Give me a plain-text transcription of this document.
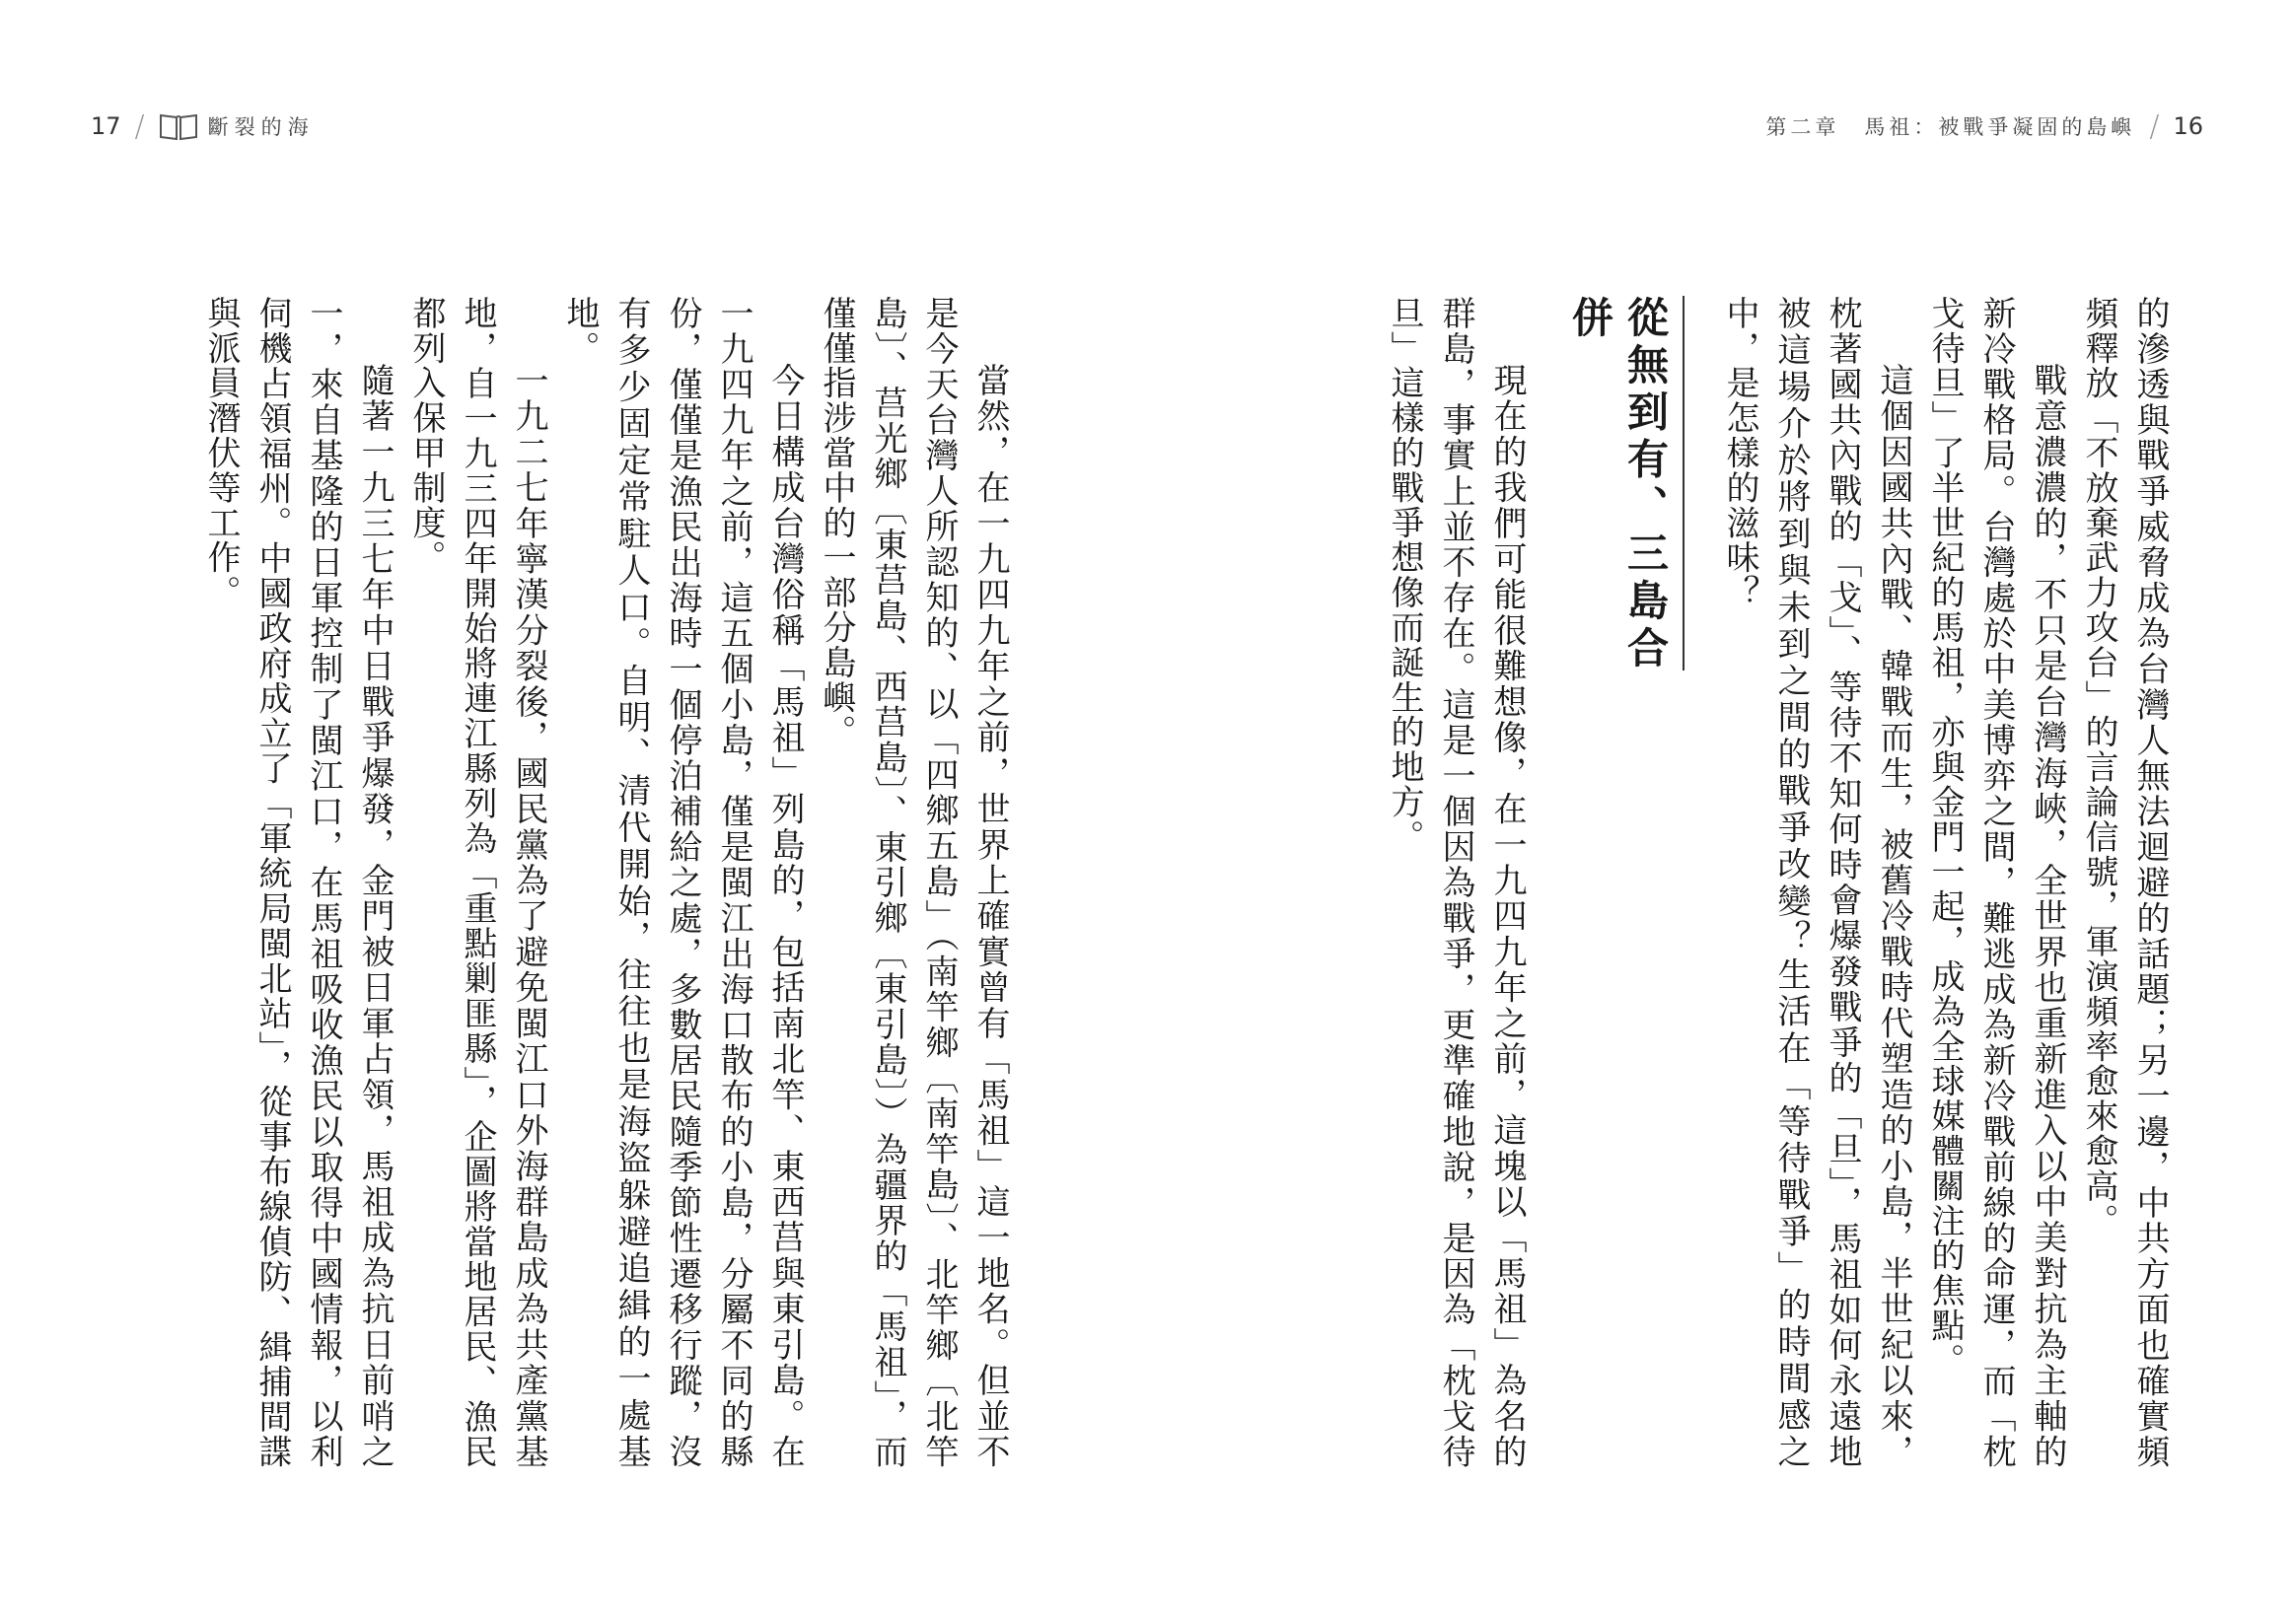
17 /	斷裂的海	第二章　馬祖：被戰爭凝固的島嶼 / 16

的滲透與戰爭威脅成為台灣人無法迴避的話題；另一邊，中共方面也確實頻頻釋放「不放棄武力攻台」的言論信號，軍演頻率愈來愈高。

戰意濃濃的，不只是台灣海峽，全世界也重新進入以中美對抗為主軸的新冷戰格局。台灣處於中美博弈之間，難逃成為新冷戰前線的命運，而「枕戈待旦」了半世紀的馬祖，亦與金門一起，成為全球媒體關注的焦點。

這個因國共內戰、韓戰而生，被舊冷戰時代塑造的小島，半世紀以來，枕著國共內戰的「戈」、等待不知何時會爆發戰爭的「旦」，馬祖如何永遠地被這場介於將到與未到之間的戰爭改變？生活在「等待戰爭」的時間感之中，是怎樣的滋味？

從無到有、三島合併

現在的我們可能很難想像，在一九四九年之前，這塊以「馬祖」為名的群島，事實上並不存在。這是一個因為戰爭，更準確地說，是因為「枕戈待旦」這樣的戰爭想像而誕生的地方。

當然，在一九四九年之前，世界上確實曾有「馬祖」這一地名。但並不是今天台灣人所認知的、以「四鄉五島」（南竿鄉〔南竿島〕、北竿鄉〔北竿島〕、莒光鄉〔東莒島、西莒島〕、東引鄉〔東引島〕）為疆界的「馬祖」，而僅僅指涉當中的一部分島嶼。

今日構成台灣俗稱「馬祖」列島的，包括南北竿、東西莒與東引島。在一九四九年之前，這五個小島，僅是閩江出海口散布的小島，分屬不同的縣份，僅僅是漁民出海時一個停泊補給之處，多數居民隨季節性遷移行蹤，沒有多少固定常駐人口。自明、清代開始，往往也是海盜躲避追緝的一處基地。

一九二七年寧漢分裂後，國民黨為了避免閩江口外海群島成為共產黨基地，自一九三四年開始將連江縣列為「重點剿匪縣」，企圖將當地居民、漁民都列入保甲制度。

隨著一九三七年中日戰爭爆發，金門被日軍占領，馬祖成為抗日前哨之一，來自基隆的日軍控制了閩江口，在馬祖吸收漁民以取得中國情報，以利伺機占領福州。中國政府成立了「軍統局閩北站」，從事布線偵防、緝捕間諜與派員潛伏等工作。
